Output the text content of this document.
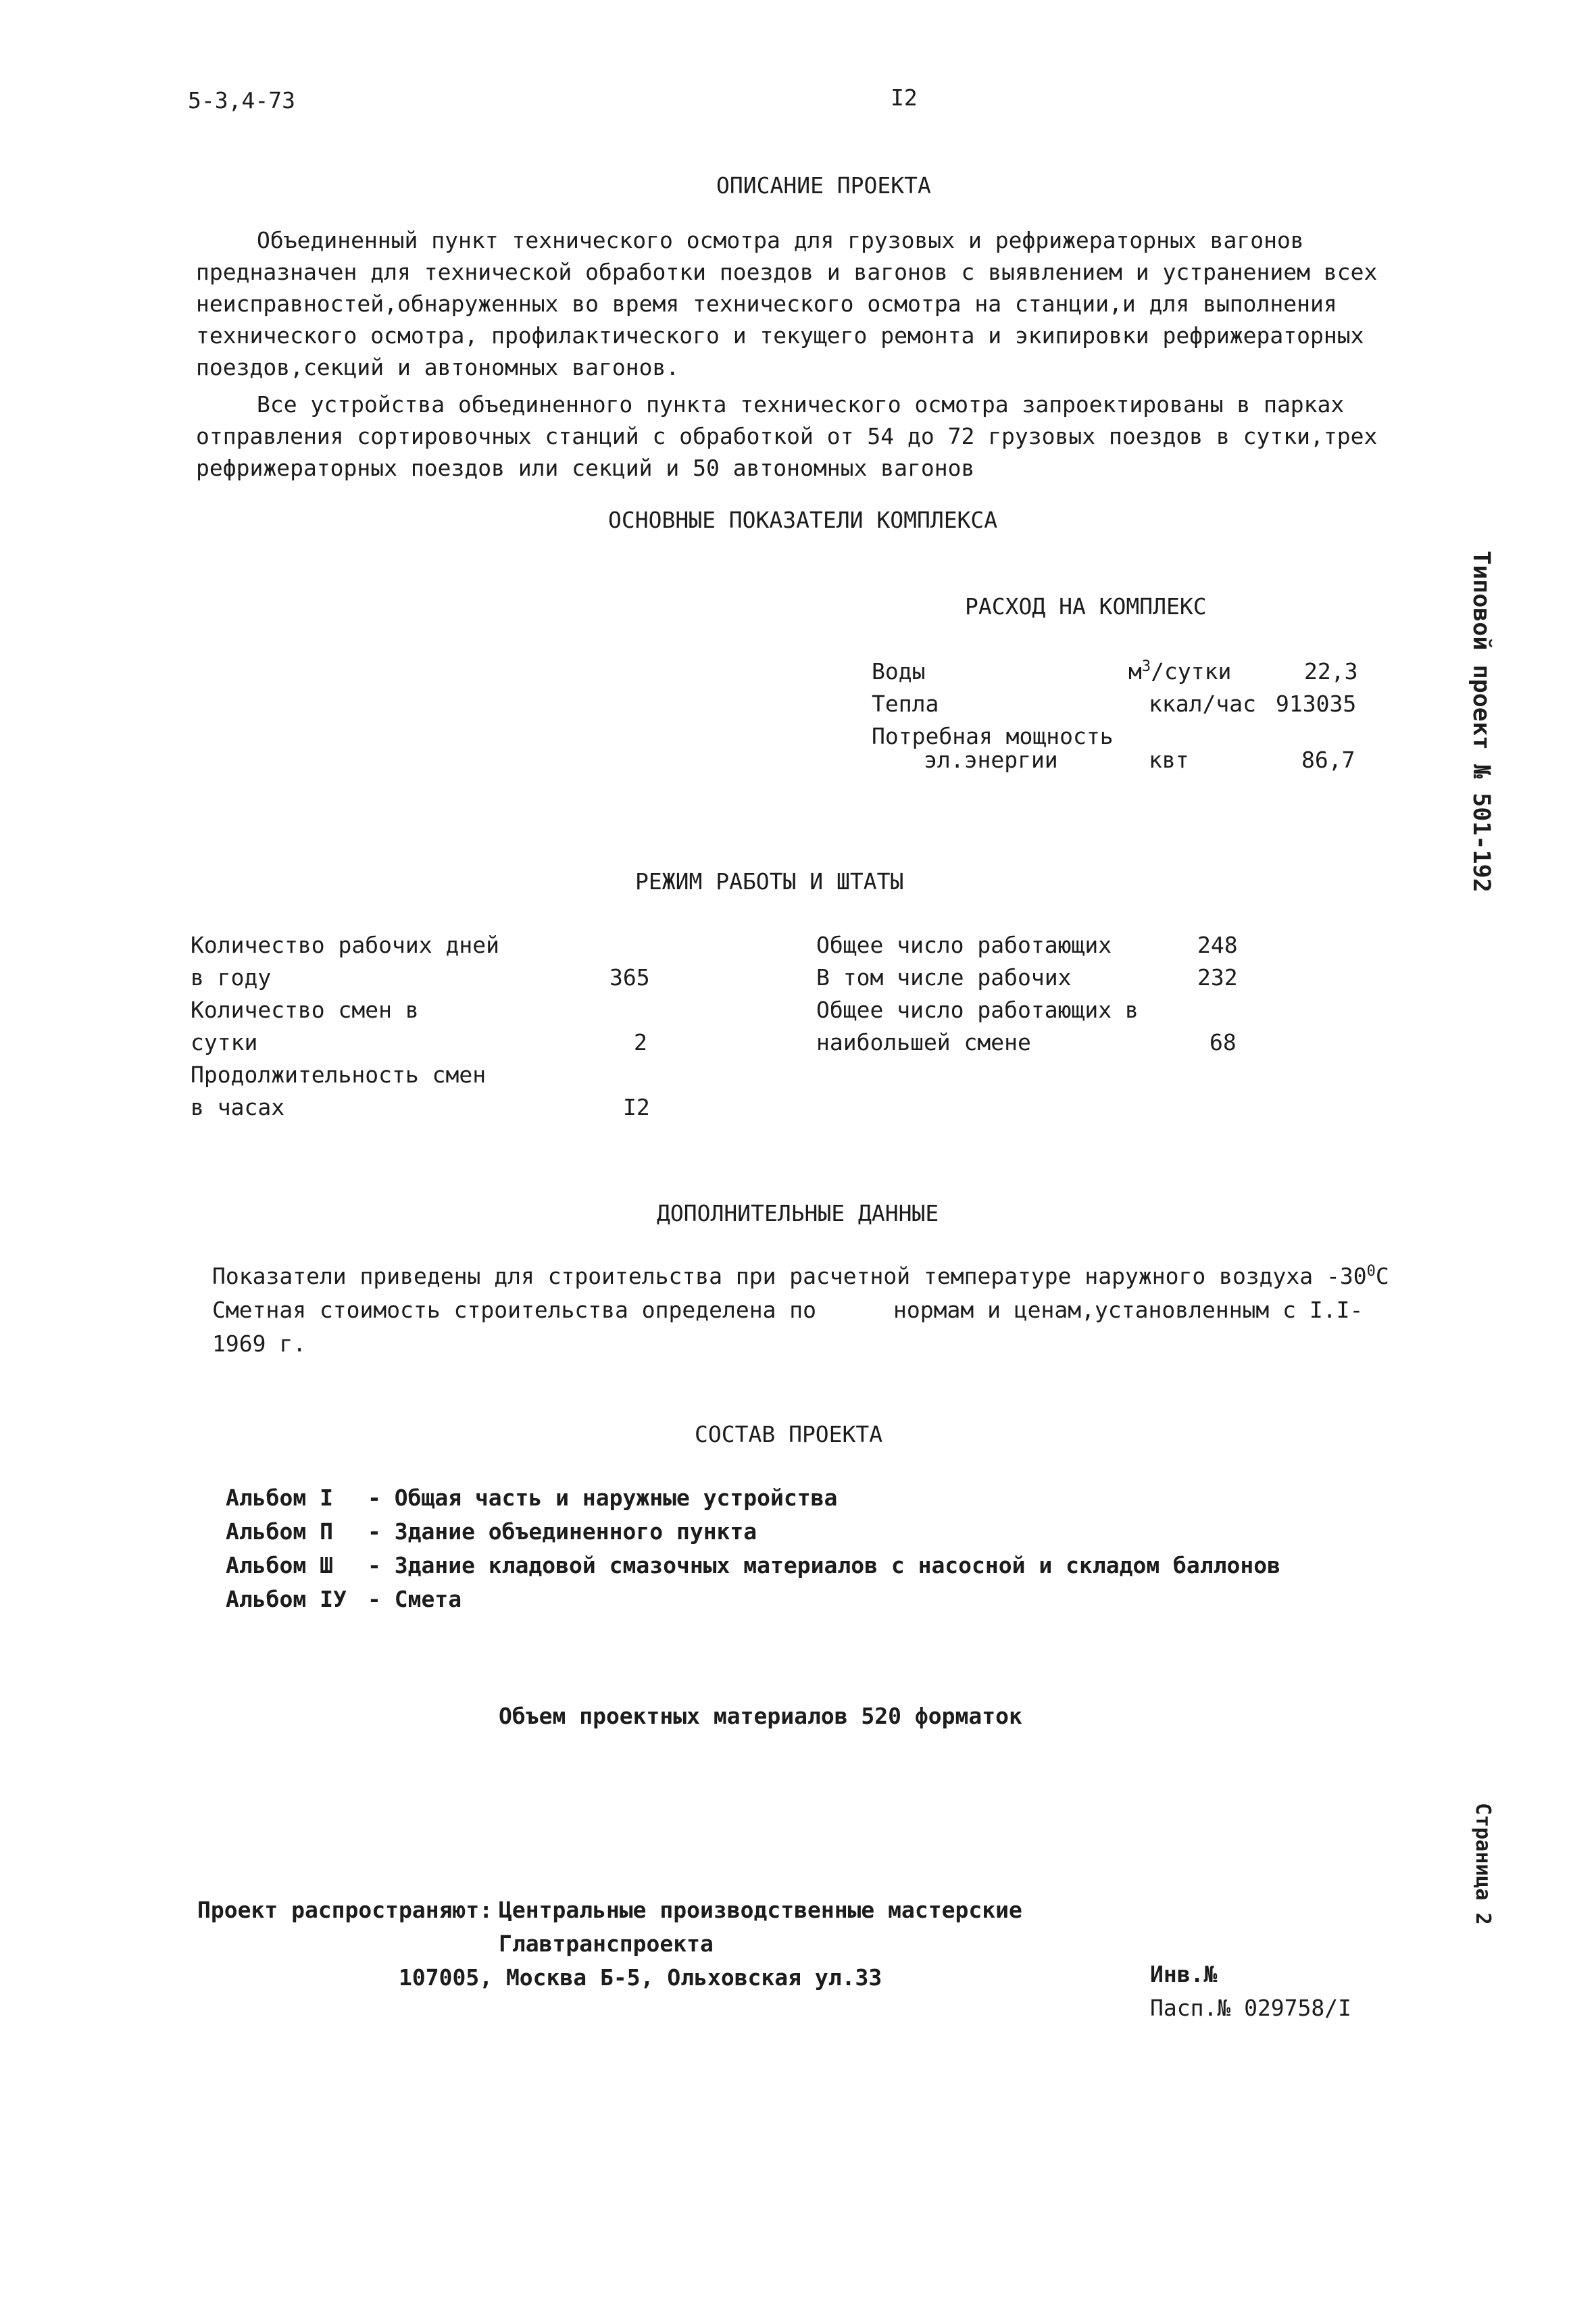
5-3,4-73	I2
ОПИСАНИЕ ПРОЕКТА

Объединенный пункт технического осмотра для грузовых и рефрижераторных вагонов предназначен для технической обработки поездов и вагонов с выявлением и устранением всех неисправностей,обнаруженных во время технического осмотра на станции,и для выполнения технического осмотра, профилактического и текущего ремонта и экипировки рефрижераторных поездов,секций и автономных вагонов.

Все устройства объединенного пункта технического осмотра запроектированы в парках отправления сортировочных станций с обработкой от 54 до 72 грузовых поездов в сутки,трех рефрижераторных поездов или секций и 50 автономных вагонов

ОСНОВНЫЕ ПОКАЗАТЕЛИ КОМПЛЕКСА
РАСХОД НА КОМПЛЕКС
Воды	$м^3$/сутки	22,3
Тепла	ккал/час 913035
Потребная мощность
эл.энергии	квт	86,7
РЕЖИМ РАБОТЫ И ШТАТЫ
Количество рабочих дней
в году	365
Количество смен в
сутки	2
Продолжительность смен
в часах	I2
Общее число работающих	248
В том числе рабочих	232
Общее число работающих в
наибольшей смене	68
ДОПОЛНИТЕЛЬНЫЕ ДАННЫЕ
Показатели приведены для строительства при расчетной температуре наружного воздуха $-30^0С$
Сметная стоимость строительства определена по	нормам и ценам,установленным с I.I-
1969 г.
СОСТАВ ПРОЕКТА
Альбом I - Общая часть и наружные устройства
Альбом П - Здание объединенного пункта
Альбом Ш - Здание кладовой смазочных материалов с насосной и складом баллонов
Альбом IУ - Смета
Объем проектных материалов 520 форматок
Проект распространяют: Центральные производственные мастерские
Главтранспроекта
107005, Москва Б-5, Ольховская ул.33	Инв.№
Пасп.№ 029758/I
Типовой проект № 501-192
Страница 2
